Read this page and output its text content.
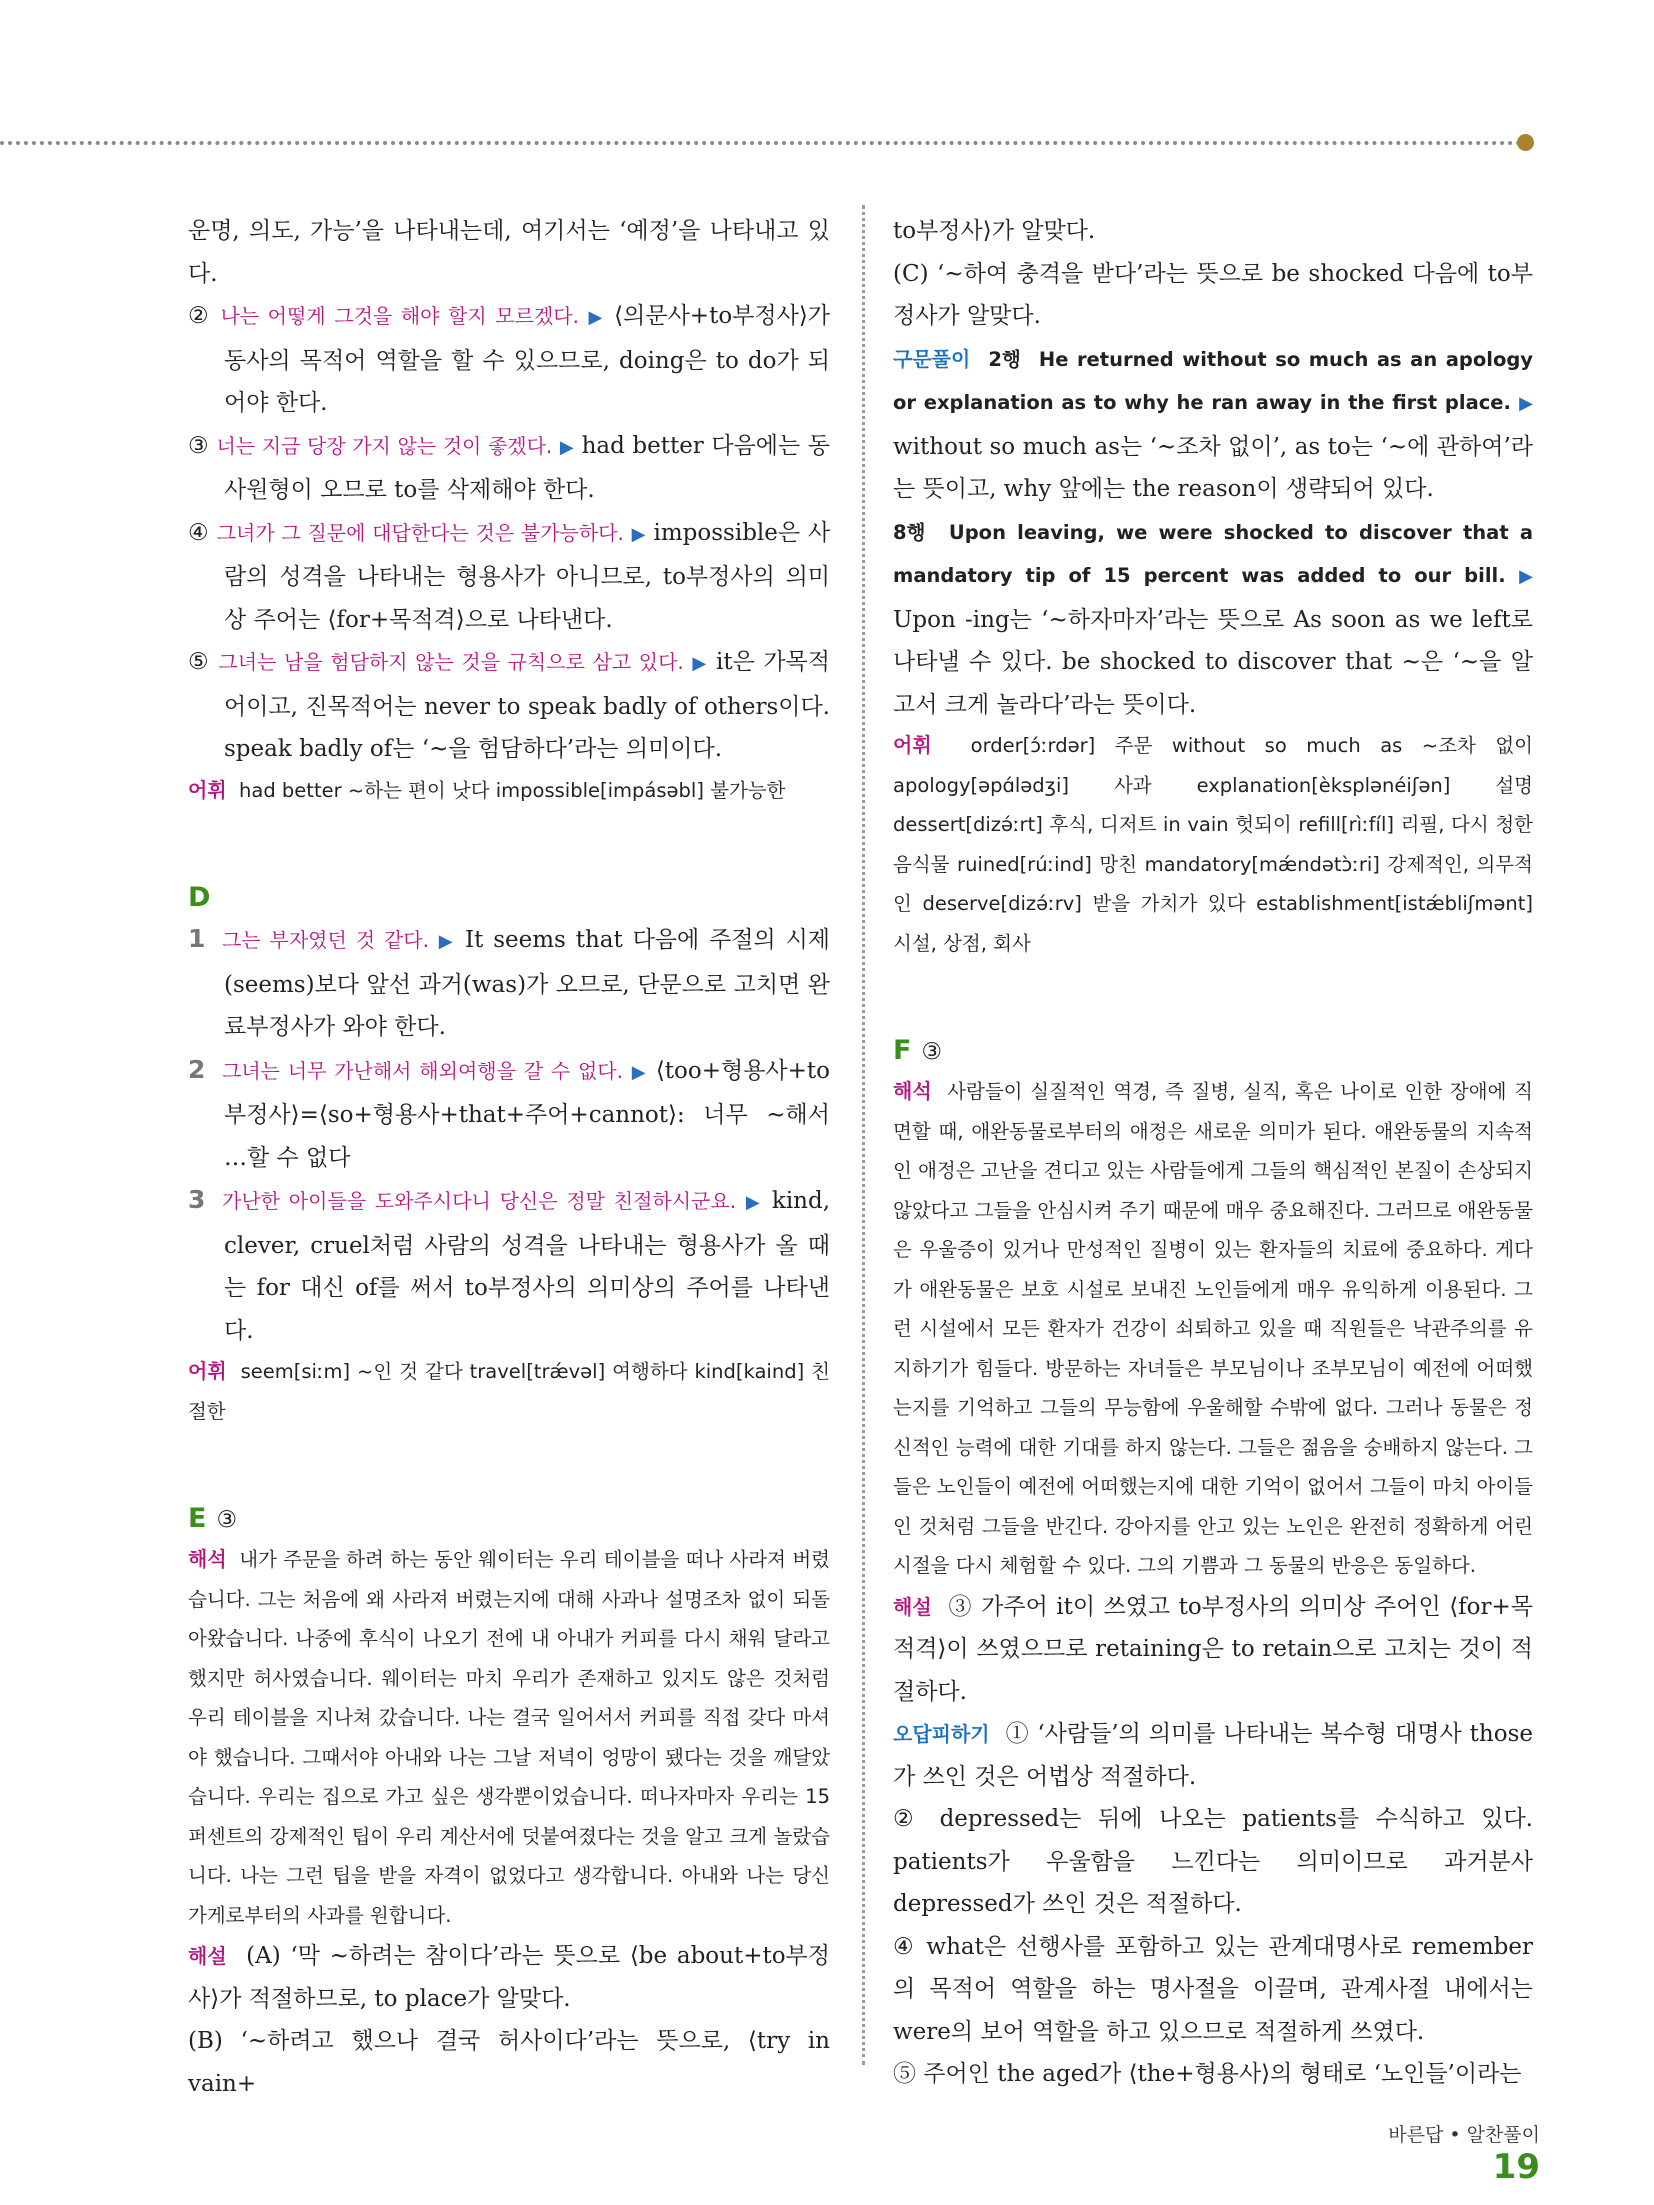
운명, 의도, 가능’을 나타내는데, 여기서는 ‘예정’을 나타내고 있다.

② 나는 어떻게 그것을 해야 할지 모르겠다. ▶ ⟨의문사+to부정사⟩가 동사의 목적어 역할을 할 수 있으므로, doing은 to do가 되어야 한다.

③ 너는 지금 당장 가지 않는 것이 좋겠다. ▶ had better 다음에는 동사원형이 오므로 to를 삭제해야 한다.

④ 그녀가 그 질문에 대답한다는 것은 불가능하다. ▶ impossible은 사람의 성격을 나타내는 형용사가 아니므로, to부정사의 의미상 주어는 ⟨for+목적격⟩으로 나타낸다.

⑤ 그녀는 남을 험담하지 않는 것을 규칙으로 삼고 있다. ▶ it은 가목적어이고, 진목적어는 never to speak badly of others이다. speak badly of는 ‘~을 험담하다’라는 의미이다.

어휘 had better ~하는 편이 낫다 impossible[impásəbl] 불가능한

D

1 그는 부자였던 것 같다. ▶ It seems that 다음에 주절의 시제(seems)보다 앞선 과거(was)가 오므로, 단문으로 고치면 완료부정사가 와야 한다.

2 그녀는 너무 가난해서 해외여행을 갈 수 없다. ▶ ⟨too+형용사+to부정사⟩=⟨so+형용사+that+주어+cannot⟩: 너무 ~해서 …할 수 없다

3 가난한 아이들을 도와주시다니 당신은 정말 친절하시군요. ▶ kind, clever, cruel처럼 사람의 성격을 나타내는 형용사가 올 때는 for 대신 of를 써서 to부정사의 의미상의 주어를 나타낸다.

어휘 seem[siːm] ~인 것 같다 travel[trǽvəl] 여행하다 kind[kaind] 친절한

E ③

해석 내가 주문을 하려 하는 동안 웨이터는 우리 테이블을 떠나 사라져 버렸습니다. 그는 처음에 왜 사라져 버렸는지에 대해 사과나 설명조차 없이 되돌아왔습니다. 나중에 후식이 나오기 전에 내 아내가 커피를 다시 채워 달라고 했지만 허사였습니다. 웨이터는 마치 우리가 존재하고 있지도 않은 것처럼 우리 테이블을 지나쳐 갔습니다. 나는 결국 일어서서 커피를 직접 갖다 마셔야 했습니다. 그때서야 아내와 나는 그날 저녁이 엉망이 됐다는 것을 깨달았습니다. 우리는 집으로 가고 싶은 생각뿐이었습니다. 떠나자마자 우리는 15퍼센트의 강제적인 팁이 우리 계산서에 덧붙여졌다는 것을 알고 크게 놀랐습니다. 나는 그런 팁을 받을 자격이 없었다고 생각합니다. 아내와 나는 당신 가게로부터의 사과를 원합니다.

해설 (A) ‘막 ~하려는 참이다’라는 뜻으로 ⟨be about+to부정사⟩가 적절하므로, to place가 알맞다.

(B) ‘~하려고 했으나 결국 허사이다’라는 뜻으로, ⟨try in vain+

to부정사⟩가 알맞다.

(C) ‘~하여 충격을 받다’라는 뜻으로 be shocked 다음에 to부정사가 알맞다.

구문풀이 2행 He returned without so much as an apology or explanation as to why he ran away in the first place. ▶ without so much as는 ‘~조차 없이’, as to는 ‘~에 관하여’라는 뜻이고, why 앞에는 the reason이 생략되어 있다.

8행 Upon leaving, we were shocked to discover that a mandatory tip of 15 percent was added to our bill. ▶ Upon -ing는 ‘~하자마자’라는 뜻으로 As soon as we left로 나타낼 수 있다. be shocked to discover that ~은 ‘~을 알고서 크게 놀라다’라는 뜻이다.

어휘 order[ɔ́ːrdər] 주문 without so much as ~조차 없이 apology[əpɑ́lədʒi] 사과 explanation[èksplənéiʃən] 설명 dessert[dizə́ːrt] 후식, 디저트 in vain 헛되이 refill[rìːfíl] 리필, 다시 청한 음식물 ruined[rúːind] 망친 mandatory[mǽndətɔ̀ːri] 강제적인, 의무적인 deserve[dizə́ːrv] 받을 가치가 있다 establishment[istǽbliʃmənt] 시설, 상점, 회사

F ③

해석 사람들이 실질적인 역경, 즉 질병, 실직, 혹은 나이로 인한 장애에 직면할 때, 애완동물로부터의 애정은 새로운 의미가 된다. 애완동물의 지속적인 애정은 고난을 견디고 있는 사람들에게 그들의 핵심적인 본질이 손상되지 않았다고 그들을 안심시켜 주기 때문에 매우 중요해진다. 그러므로 애완동물은 우울증이 있거나 만성적인 질병이 있는 환자들의 치료에 중요하다. 게다가 애완동물은 보호 시설로 보내진 노인들에게 매우 유익하게 이용된다. 그런 시설에서 모든 환자가 건강이 쇠퇴하고 있을 때 직원들은 낙관주의를 유지하기가 힘들다. 방문하는 자녀들은 부모님이나 조부모님이 예전에 어떠했는지를 기억하고 그들의 무능함에 우울해할 수밖에 없다. 그러나 동물은 정신적인 능력에 대한 기대를 하지 않는다. 그들은 젊음을 숭배하지 않는다. 그들은 노인들이 예전에 어떠했는지에 대한 기억이 없어서 그들이 마치 아이들인 것처럼 그들을 반긴다. 강아지를 안고 있는 노인은 완전히 정확하게 어린 시절을 다시 체험할 수 있다. 그의 기쁨과 그 동물의 반응은 동일하다.

해설 ③ 가주어 it이 쓰였고 to부정사의 의미상 주어인 ⟨for+목적격⟩이 쓰였으므로 retaining은 to retain으로 고치는 것이 적절하다.

오답피하기 ① ‘사람들’의 의미를 나타내는 복수형 대명사 those가 쓰인 것은 어법상 적절하다.

② depressed는 뒤에 나오는 patients를 수식하고 있다. patients가 우울함을 느낀다는 의미이므로 과거분사 depressed가 쓰인 것은 적절하다.

④ what은 선행사를 포함하고 있는 관계대명사로 remember의 목적어 역할을 하는 명사절을 이끌며, 관계사절 내에서는 were의 보어 역할을 하고 있으므로 적절하게 쓰였다.

⑤ 주어인 the aged가 ⟨the+형용사⟩의 형태로 ‘노인들’이라는

바른답 • 알찬풀이19
